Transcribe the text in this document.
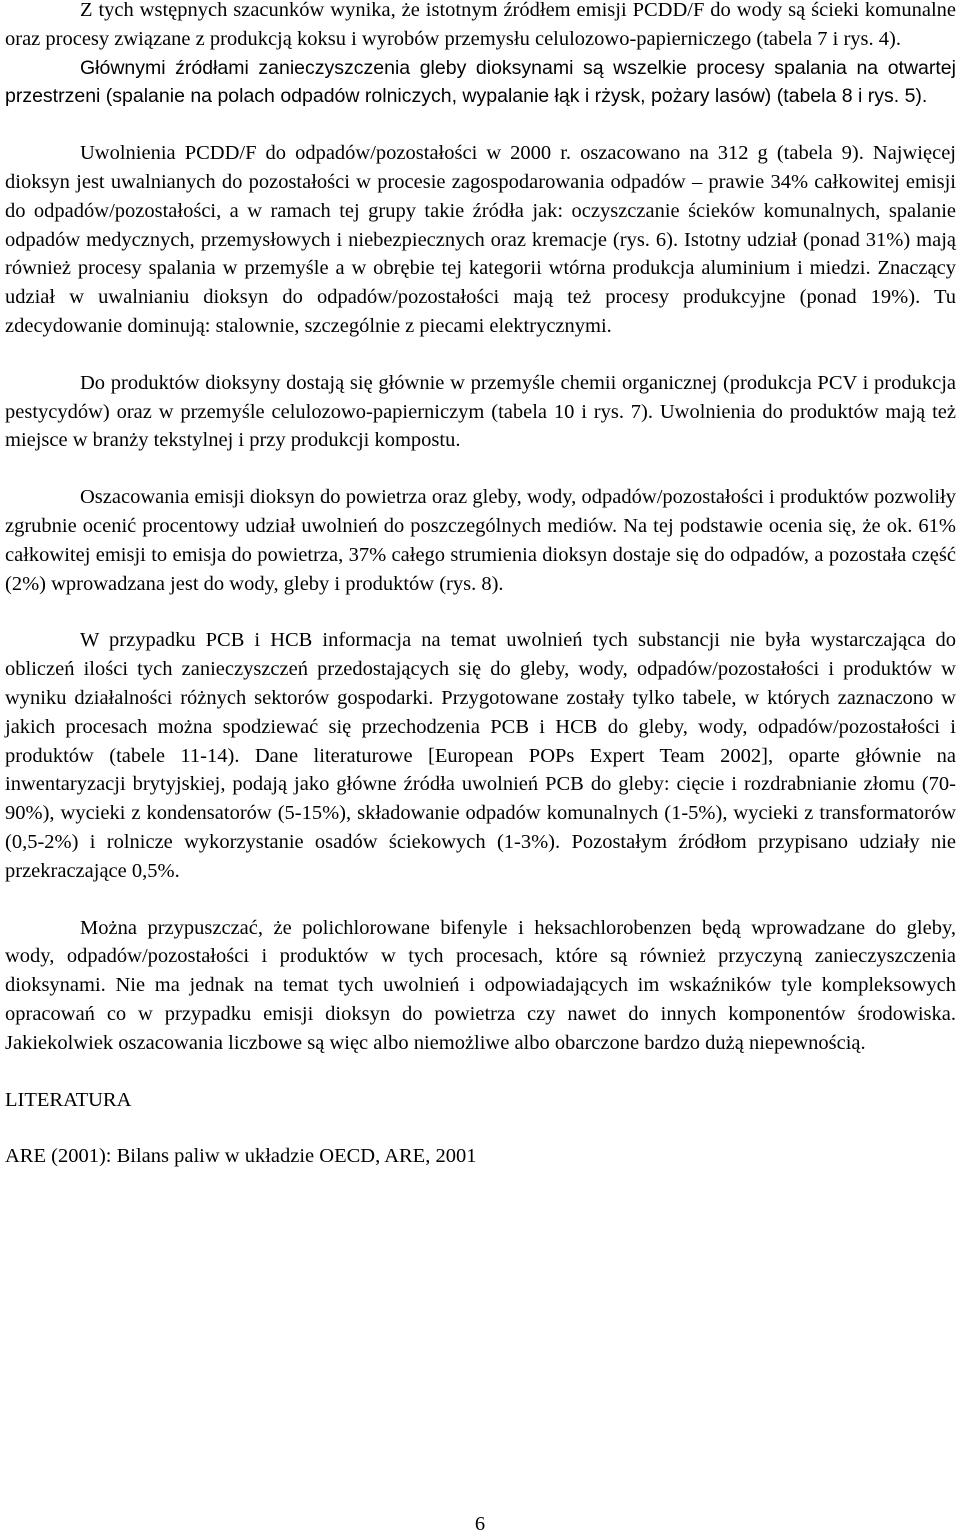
Z tych wstępnych szacunków wynika, że istotnym źródłem emisji PCDD/F do wody są ścieki komunalne oraz procesy związane z produkcją koksu i wyrobów przemysłu celulozowo-papierniczego (tabela 7 i rys. 4).

Głównymi źródłami zanieczyszczenia gleby dioksynami są wszelkie procesy spalania na otwartej przestrzeni (spalanie na polach odpadów rolniczych, wypalanie łąk i rżysk, pożary lasów) (tabela 8 i rys. 5).

Uwolnienia PCDD/F do odpadów/pozostałości w 2000 r. oszacowano na 312 g (tabela 9). Najwięcej dioksyn jest uwalnianych do pozostałości w procesie zagospodarowania odpadów – prawie 34% całkowitej emisji do odpadów/pozostałości, a w ramach tej grupy takie źródła jak: oczyszczanie ścieków komunalnych, spalanie odpadów medycznych, przemysłowych i niebezpiecznych oraz kremacje (rys. 6). Istotny udział (ponad 31%) mają również procesy spalania w przemyśle a w obrębie tej kategorii wtórna produkcja aluminium i miedzi. Znaczący udział w uwalnianiu dioksyn do odpadów/pozostałości mają też procesy produkcyjne (ponad 19%). Tu zdecydowanie dominują: stalownie, szczególnie z piecami elektrycznymi.

Do produktów dioksyny dostają się głównie w przemyśle chemii organicznej (produkcja PCV i produkcja pestycydów) oraz w przemyśle celulozowo-papierniczym (tabela 10 i rys. 7). Uwolnienia do produktów mają też miejsce w branży tekstylnej i przy produkcji kompostu.

Oszacowania emisji dioksyn do powietrza oraz gleby, wody, odpadów/pozostałości i produktów pozwoliły zgrubnie ocenić procentowy udział uwolnień do poszczególnych mediów. Na tej podstawie ocenia się, że ok. 61% całkowitej emisji to emisja do powietrza, 37% całego strumienia dioksyn dostaje się do odpadów, a pozostała część (2%) wprowadzana jest do wody, gleby i produktów (rys. 8).

W przypadku PCB i HCB informacja na temat uwolnień tych substancji nie była wystarczająca do obliczeń ilości tych zanieczyszczeń przedostających się do gleby, wody, odpadów/pozostałości i produktów w wyniku działalności różnych sektorów gospodarki. Przygotowane zostały tylko tabele, w których zaznaczono w jakich procesach można spodziewać się przechodzenia PCB i HCB do gleby, wody, odpadów/pozostałości i produktów (tabele 11-14). Dane literaturowe [European POPs Expert Team 2002], oparte głównie na inwentaryzacji brytyjskiej, podają jako główne źródła uwolnień PCB do gleby: cięcie i rozdrabnianie złomu (70-90%), wycieki z kondensatorów (5-15%), składowanie odpadów komunalnych (1-5%), wycieki z transformatorów (0,5-2%) i rolnicze wykorzystanie osadów ściekowych (1-3%). Pozostałym źródłom przypisano udziały nie przekraczające 0,5%.

Można przypuszczać, że polichlorowane bifenyle i heksachlorobenzen będą wprowadzane do gleby, wody, odpadów/pozostałości i produktów w tych procesach, które są również przyczyną zanieczyszczenia dioksynami. Nie ma jednak na temat tych uwolnień i odpowiadających im wskaźników tyle kompleksowych opracowań co w przypadku emisji dioksyn do powietrza czy nawet do innych komponentów środowiska. Jakiekolwiek oszacowania liczbowe są więc albo niemożliwe albo obarczone bardzo dużą niepewnością.

LITERATURA

ARE (2001): Bilans paliw w układzie OECD, ARE, 2001

6
